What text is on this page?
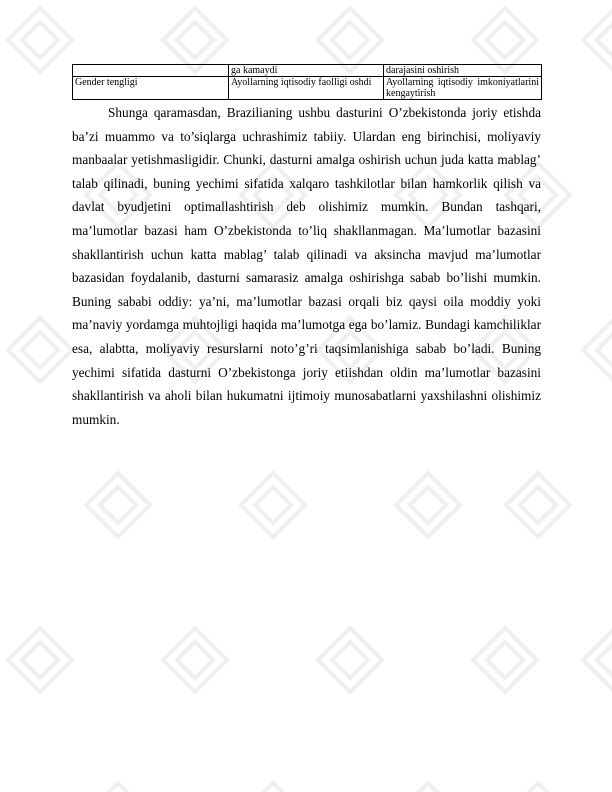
	ga kamaydi	darajasini oshirish
Gender tengligi	Ayollarning iqtisodiy faolligi oshdi	Ayollarning iqtisodiy imkoniyatlarini kengaytirish

Shunga qaramasdan, Brazilianing ushbu dasturini O’zbekistonda joriy etishda ba’zi muammo va to’siqlarga uchrashimiz tabiiy. Ulardan eng birinchisi, moliyaviy manbaalar yetishmasligidir. Chunki, dasturni amalga oshirish uchun juda katta mablag’ talab qilinadi, buning yechimi sifatida xalqaro tashkilotlar bilan hamkorlik qilish va davlat byudjetini optimallashtirish deb olishimiz mumkin. Bundan tashqari, ma’lumotlar bazasi ham O’zbekistonda to’liq shakllanmagan. Ma’lumotlar bazasini shakllantirish uchun katta mablag’ talab qilinadi va aksincha mavjud ma’lumotlar bazasidan foydalanib, dasturni samarasiz amalga oshirishga sabab bo’lishi mumkin. Buning sababi oddiy: ya’ni, ma’lumotlar bazasi orqali biz qaysi oila moddiy yoki ma’naviy yordamga muhtojligi haqida ma’lumotga ega bo’lamiz. Bundagi kamchiliklar esa, alabtta, moliyaviy resurslarni noto’g’ri taqsimlanishiga sabab bo’ladi. Buning yechimi sifatida dasturni O’zbekistonga joriy etiishdan oldin ma’lumotlar bazasini shakllantirish va aholi bilan hukumatni ijtimoiy munosabatlarni yaxshilashni olishimiz mumkin.
